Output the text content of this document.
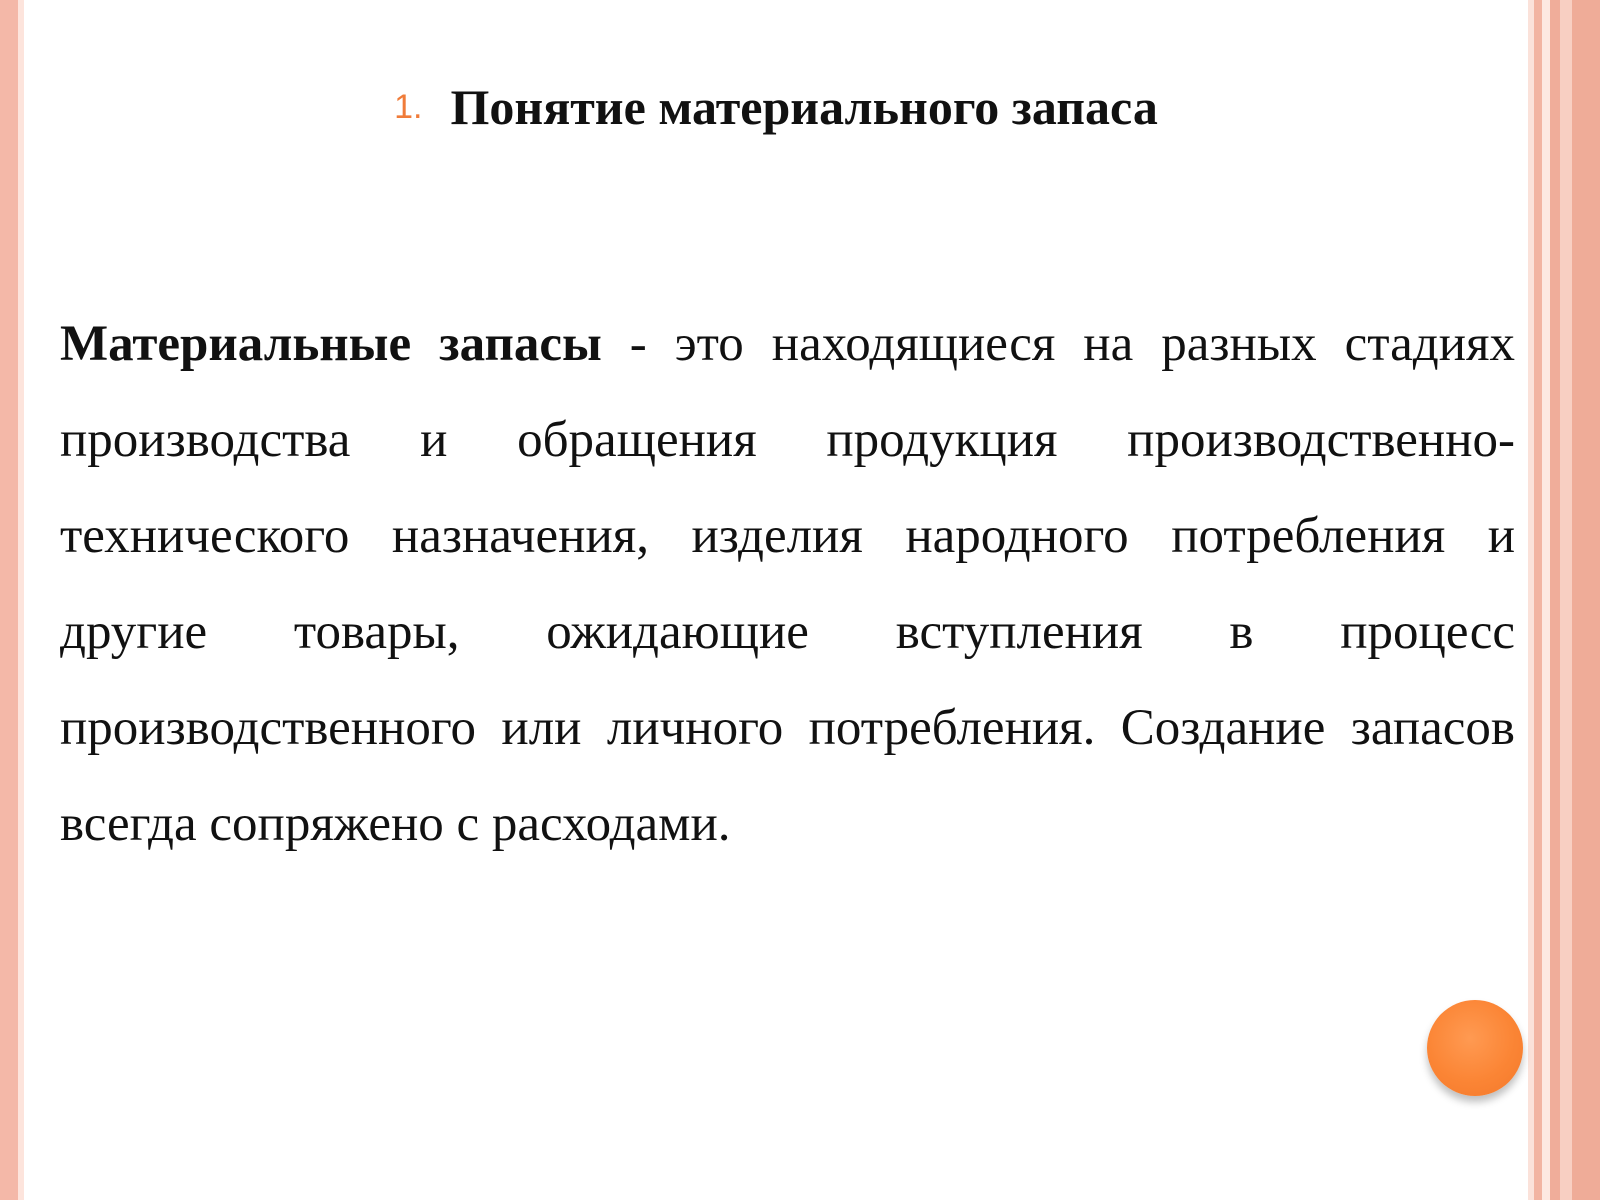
1. Понятие материального запаса

Материальные запасы - это находящиеся на разных стадиях производства и обращения продукция производственно-технического назначения, изделия народного потребления и другие товары, ожидающие вступления в процесс производственного или личного потребления. Создание запасов всегда сопряжено с расходами.
